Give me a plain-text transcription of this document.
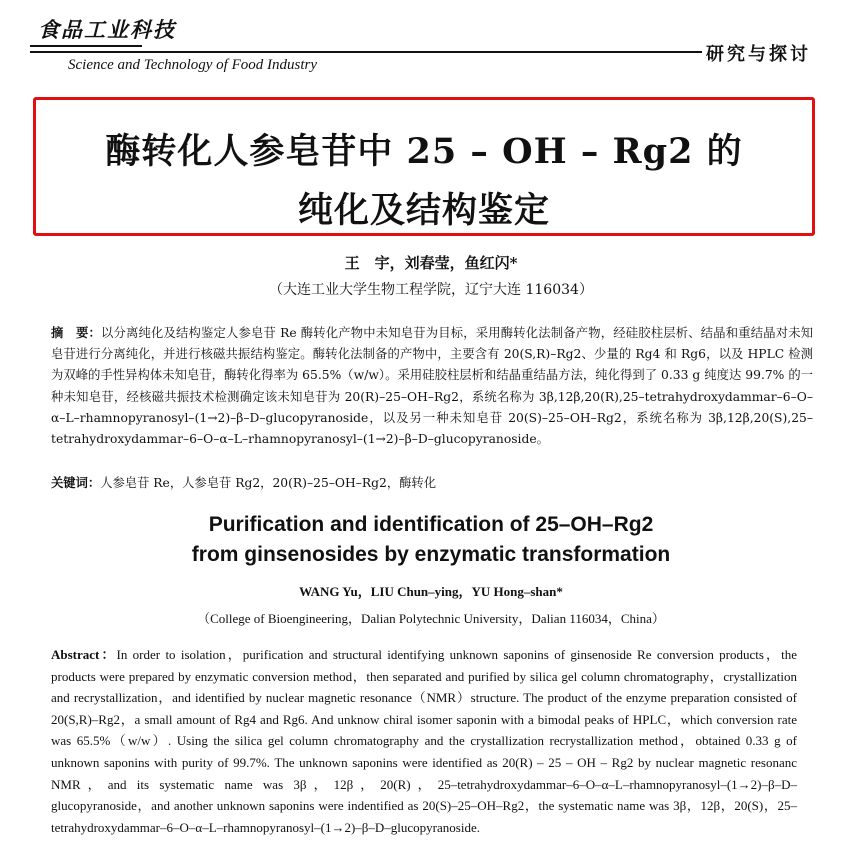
食品工业科技
Science and Technology of Food Industry	研究与探讨
酶转化人参皂苷中 25 – OH – Rg2 的
纯化及结构鉴定
王　宇，刘春莹，鱼红闪*
（大连工业大学生物工程学院，辽宁大连 116034）
摘　要：以分离纯化及结构鉴定人参皂苷 Re 酶转化产物中未知皂苷为目标，采用酶转化法制备产物，经硅胶柱层析、结晶和重结晶对未知皂苷进行分离纯化，并进行核磁共振结构鉴定。酶转化法制备的产物中，主要含有 20(S,R)–Rg2、少量的 Rg4 和 Rg6，以及 HPLC 检测为双峰的手性异构体未知皂苷，酶转化得率为 65.5%（w/w）。采用硅胶柱层析和结晶重结晶方法，纯化得到了 0.33 g 纯度达 99.7% 的一种未知皂苷，经核磁共振技术检测确定该未知皂苷为 20(R)–25–OH–Rg2，系统名称为 3β,12β,20(R),25–tetrahydroxydammar–6–O–α–L–rhamnopyranosyl–(1→2)–β–D–glucopyranoside，以及另一种未知皂苷 20(S)–25–OH–Rg2，系统名称为 3β,12β,20(S),25–tetrahydroxydammar–6–O–α–L–rhamnopyranosyl–(1→2)–β–D–glucopyranoside。
关键词：人参皂苷 Re，人参皂苷 Rg2，20(R)–25–OH–Rg2，酶转化
Purification and identification of 25–OH–Rg2
from ginsenosides by enzymatic transformation
WANG Yu，LIU Chun–ying，YU Hong–shan*
（College of Bioengineering，Dalian Polytechnic University，Dalian 116034，China）
Abstract：In order to isolation，purification and structural identifying unknown saponins of ginsenoside Re conversion products，the products were prepared by enzymatic conversion method，then separated and purified by silica gel column chromatography，crystallization and recrystallization，and identified by nuclear magnetic resonance（NMR）structure. The product of the enzyme preparation consisted of 20(S,R)–Rg2，a small amount of Rg4 and Rg6. And unknow chiral isomer saponin with a bimodal peaks of HPLC，which conversion rate was 65.5%（w/w）. Using the silica gel column chromatography and the crystallization recrystallization method，obtained 0.33 g of unknown saponins with purity of 99.7%. The unknown saponins were identified as 20(R) – 25 – OH – Rg2 by nuclear magnetic resonanc NMR，and its systematic name was 3β，12β，20(R)，25–tetrahydroxydammar–6–O–α–L–rhamnopyranosyl–(1→2)–β–D–glucopyranoside，and another unknown saponins were indentified as 20(S)–25–OH–Rg2，the systematic name was 3β，12β，20(S)，25–tetrahydroxydammar–6–O–α–L–rhamnopyranosyl–(1→2)–β–D–glucopyranoside.
